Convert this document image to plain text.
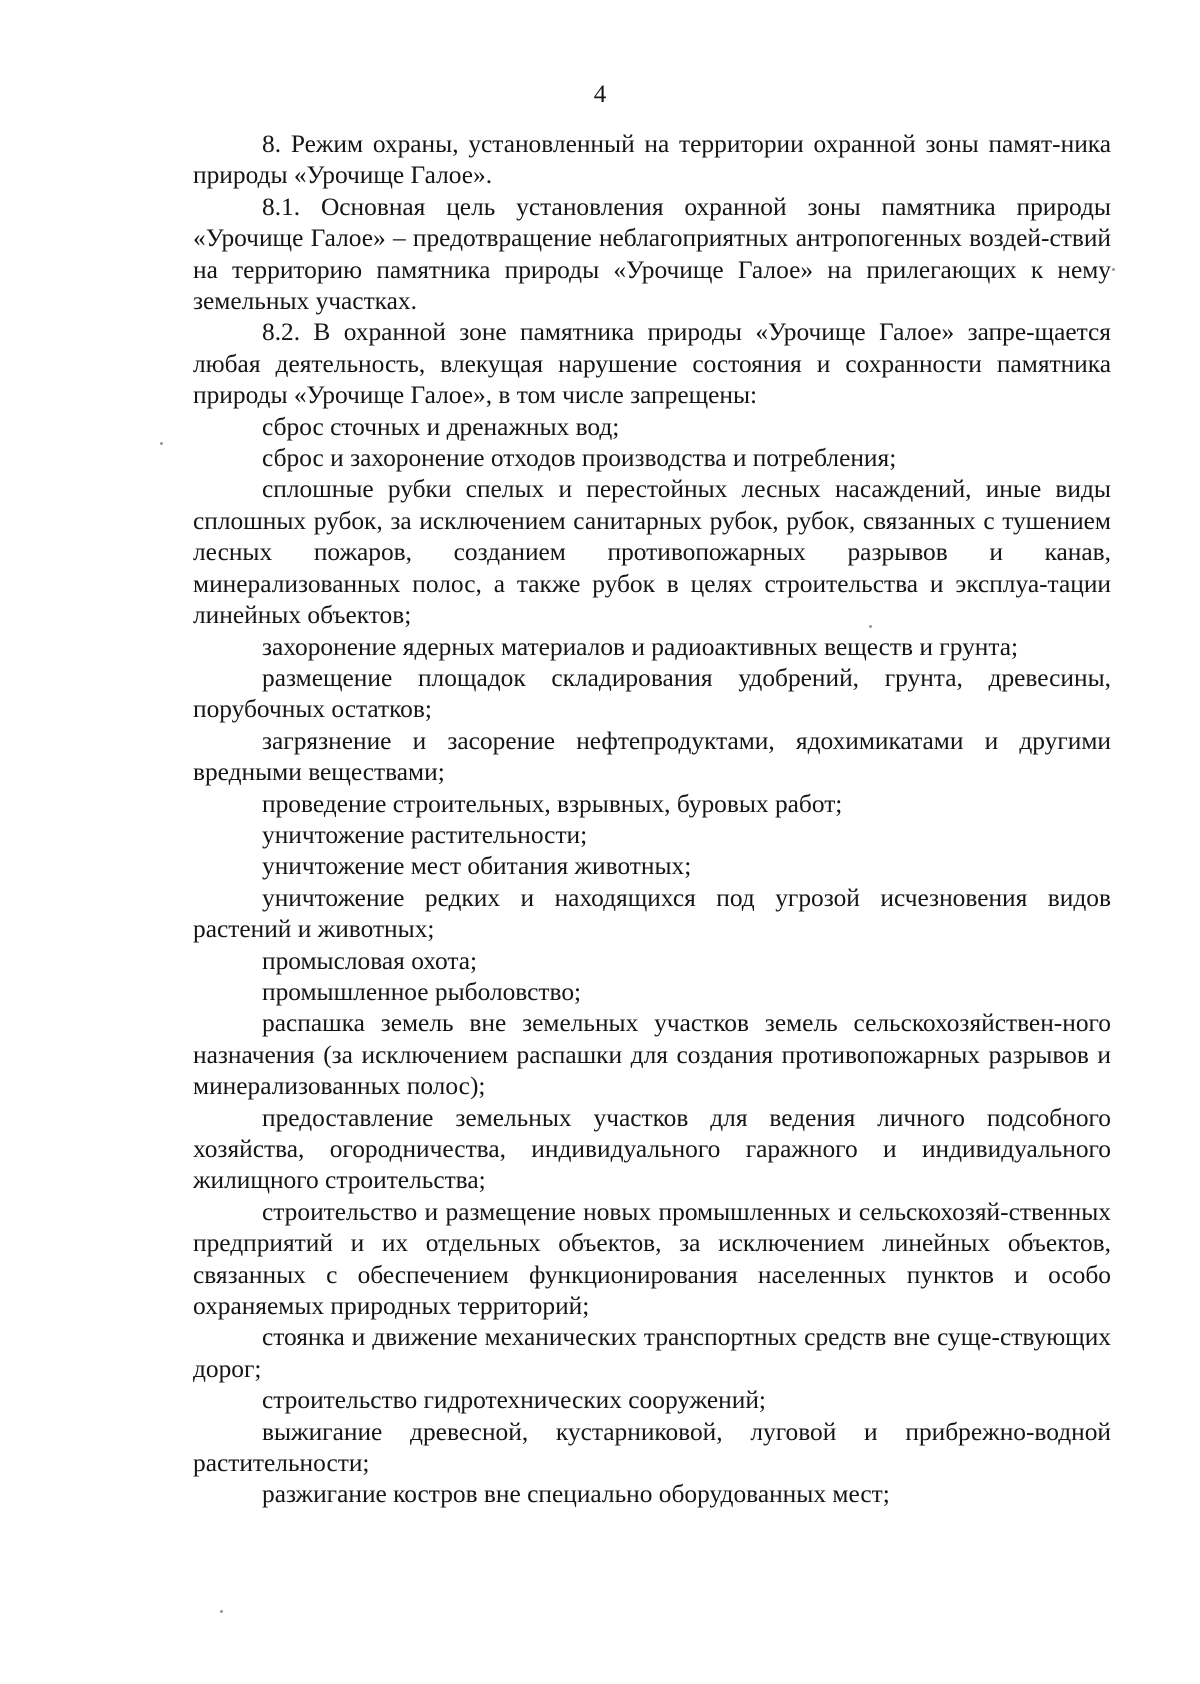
4

8. Режим охраны, установленный на территории охранной зоны памят-ника природы «Урочище Галое».

8.1. Основная цель установления охранной зоны памятника природы «Урочище Галое» – предотвращение неблагоприятных антропогенных воздей-ствий на территорию памятника природы «Урочище Галое» на прилегающих к нему земельных участках.

8.2. В охранной зоне памятника природы «Урочище Галое» запре-щается любая деятельность, влекущая нарушение состояния и сохранности памятника природы «Урочище Галое», в том числе запрещены:

сброс сточных и дренажных вод;

сброс и захоронение отходов производства и потребления;

сплошные рубки спелых и перестойных лесных насаждений, иные виды сплошных рубок, за исключением санитарных рубок, рубок, связанных с тушением лесных пожаров, созданием противопожарных разрывов и канав, минерализованных полос, а также рубок в целях строительства и эксплуа-тации линейных объектов;

захоронение ядерных материалов и радиоактивных веществ и грунта;

размещение площадок складирования удобрений, грунта, древесины, порубочных остатков;

загрязнение и засорение нефтепродуктами, ядохимикатами и другими вредными веществами;

проведение строительных, взрывных, буровых работ;

уничтожение растительности;

уничтожение мест обитания животных;

уничтожение редких и находящихся под угрозой исчезновения видов растений и животных;

промысловая охота;

промышленное рыболовство;

распашка земель вне земельных участков земель сельскохозяйствен-ного назначения (за исключением распашки для создания противопожарных разрывов и минерализованных полос);

предоставление земельных участков для ведения личного подсобного хозяйства, огородничества, индивидуального гаражного и индивидуального жилищного строительства;

строительство и размещение новых промышленных и сельскохозяй-ственных предприятий и их отдельных объектов, за исключением линейных объектов, связанных с обеспечением функционирования населенных пунктов и особо охраняемых природных территорий;

стоянка и движение механических транспортных средств вне суще-ствующих дорог;

строительство гидротехнических сооружений;

выжигание древесной, кустарниковой, луговой и прибрежно-водной растительности;

разжигание костров вне специально оборудованных мест;
